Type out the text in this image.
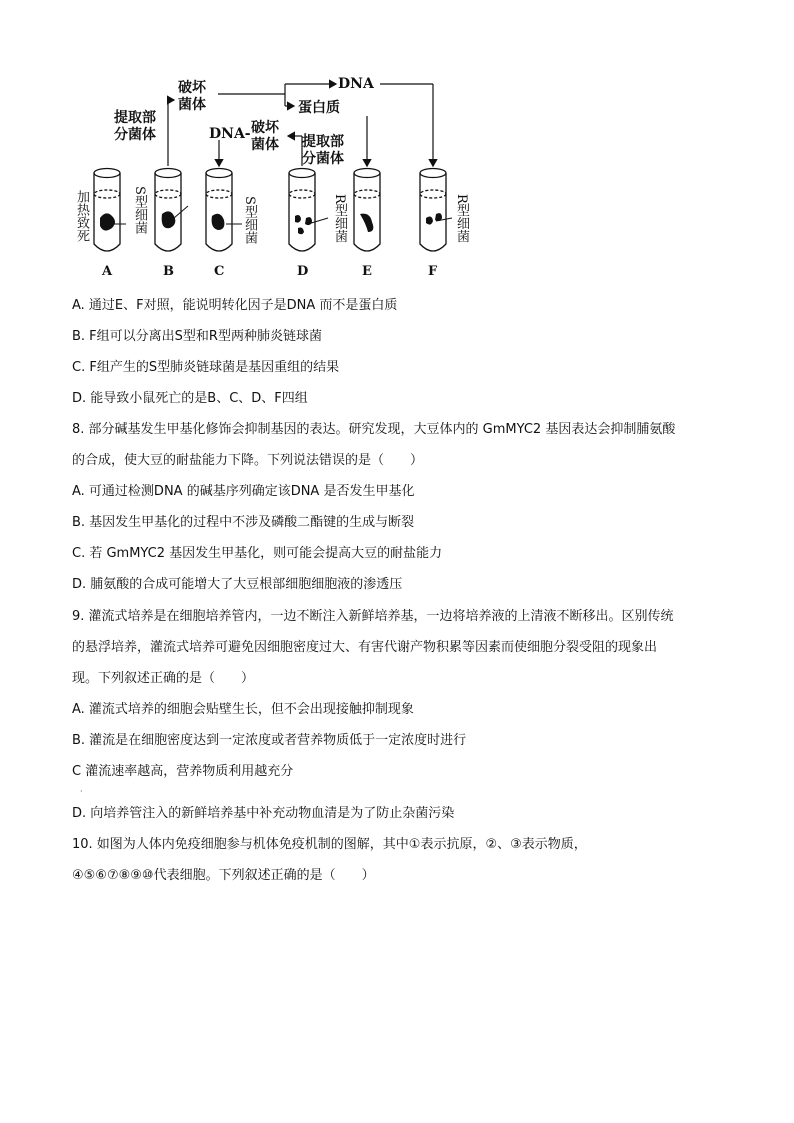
DNA
破坏
菌体
提取部
分菌体
蛋白质
DNA- 破坏
菌体 提取部
分菌体
加热致死	S型细菌	S型细菌	R型细菌	R型细菌
A	B	C	D	E	F
A. 通过E、F对照，能说明转化因子是DNA 而不是蛋白质
B. F组可以分离出S型和R型两种肺炎链球菌
C. F组产生的S型肺炎链球菌是基因重组的结果
D. 能导致小鼠死亡的是B、C、D、F四组
8. 部分碱基发生甲基化修饰会抑制基因的表达。研究发现，大豆体内的 GmMYC2 基因表达会抑制脯氨酸
的合成，使大豆的耐盐能力下降。下列说法错误的是（　　）
A. 可通过检测DNA 的碱基序列确定该DNA 是否发生甲基化
B. 基因发生甲基化的过程中不涉及磷酸二酯键的生成与断裂
C. 若 GmMYC2 基因发生甲基化，则可能会提高大豆的耐盐能力
D. 脯氨酸的合成可能增大了大豆根部细胞细胞液的渗透压
9. 灌流式培养是在细胞培养管内，一边不断注入新鲜培养基，一边将培养液的上清液不断移出。区别传统
的悬浮培养，灌流式培养可避免因细胞密度过大、有害代谢产物积累等因素而使细胞分裂受阻的现象出
现。下列叙述正确的是（　　）
A. 灌流式培养的细胞会贴壁生长，但不会出现接触抑制现象
B. 灌流是在细胞密度达到一定浓度或者营养物质低于一定浓度时进行
C 灌流速率越高，营养物质利用越充分
·
D. 向培养管注入的新鲜培养基中补充动物血清是为了防止杂菌污染
10. 如图为人体内免疫细胞参与机体免疫机制的图解，其中①表示抗原，②、③表示物质，
④⑤⑥⑦⑧⑨⑩代表细胞。下列叙述正确的是（　　）
